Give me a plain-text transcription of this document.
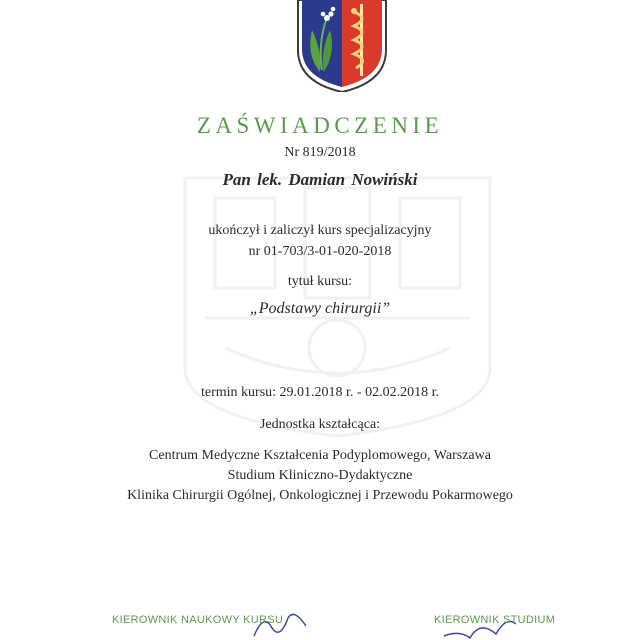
ZAŚWIADCZENIE
Nr 819/2018
Pan lek. Damian Nowiński
ukończył i zaliczył kurs specjalizacyjny
nr 01-703/3-01-020-2018
tytuł kursu:
„Podstawy chirurgii”
termin kursu: 29.01.2018 r. - 02.02.2018 r.
Jednostka kształcąca:
Centrum Medyczne Kształcenia Podyplomowego, Warszawa
Studium Kliniczno-Dydaktyczne
Klinika Chirurgii Ogólnej, Onkologicznej i Przewodu Pokarmowego
KIEROWNIK NAUKOWY KURSU	KIEROWNIK STUDIUM
